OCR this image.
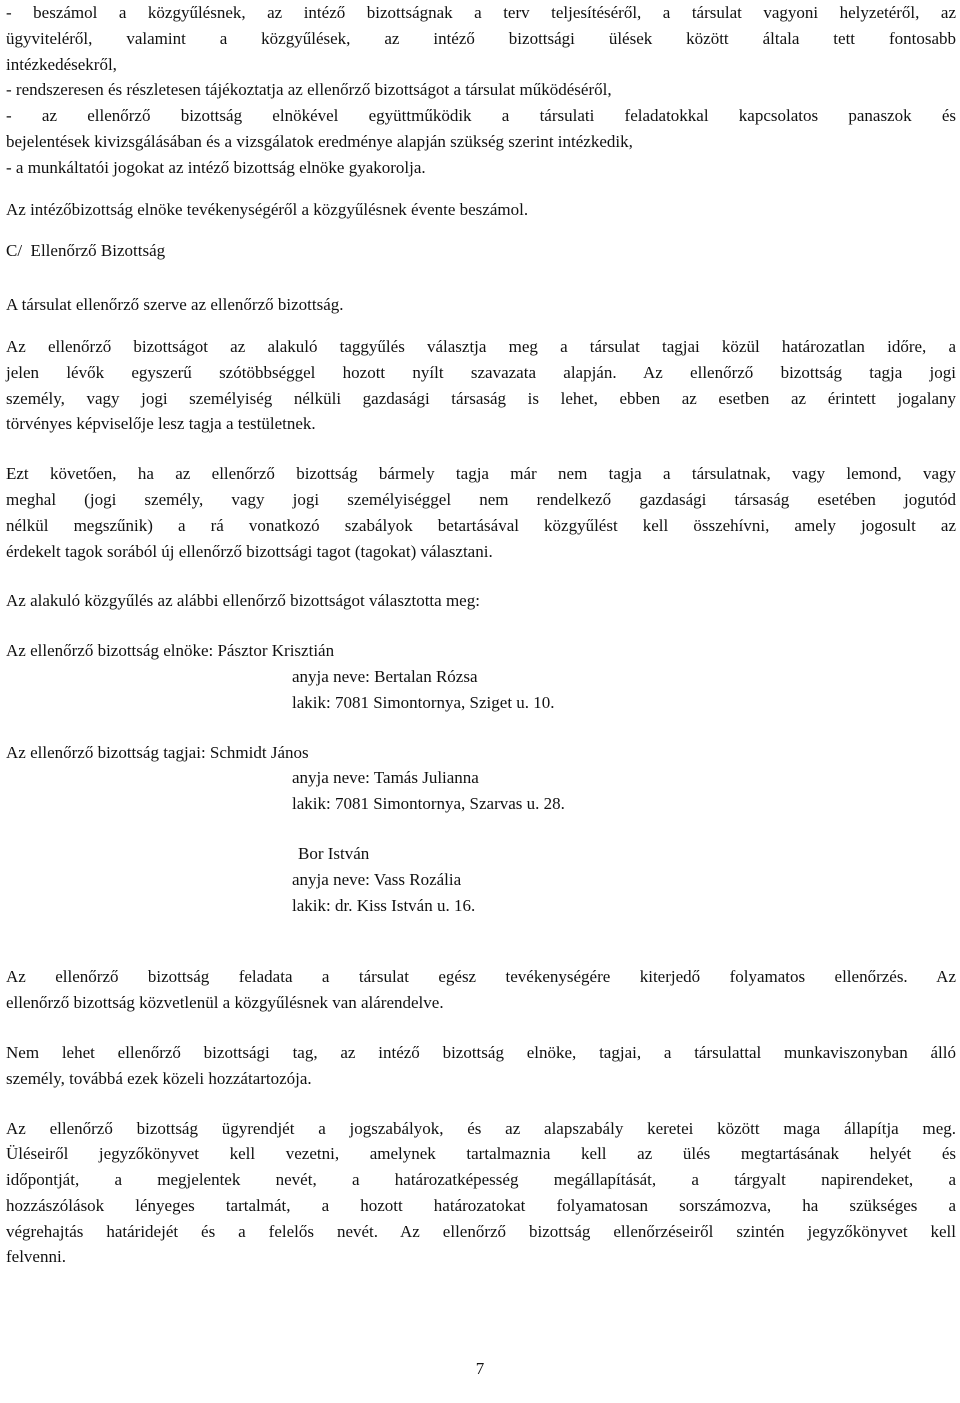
- beszámol a közgyűlésnek, az intéző bizottságnak a terv teljesítéséről, a társulat vagyoni helyzetéről, az
ügyviteléről, valamint a közgyűlések, az intéző bizottsági ülések között általa tett fontosabb
intézkedésekről,
- rendszeresen és részletesen tájékoztatja az ellenőrző bizottságot a társulat működéséről,
- az ellenőrző bizottság elnökével együttműködik a társulati feladatokkal kapcsolatos panaszok és
bejelentések kivizsgálásában és a vizsgálatok eredménye alapján szükség szerint intézkedik,
- a munkáltatói jogokat az intéző bizottság elnöke gyakorolja.
Az intézőbizottság elnöke tevékenységéről a közgyűlésnek évente beszámol.
C/  Ellenőrző Bizottság
A társulat ellenőrző szerve az ellenőrző bizottság.
Az ellenőrző bizottságot az alakuló taggyűlés választja meg a társulat tagjai közül határozatlan időre, a
jelen lévők egyszerű szótöbbséggel hozott nyílt szavazata alapján. Az ellenőrző bizottság tagja jogi
személy, vagy jogi személyiség nélküli gazdasági társaság is lehet, ebben az esetben az érintett jogalany
törvényes képviselője lesz tagja a testületnek.
Ezt követően, ha az ellenőrző bizottság bármely tagja már nem tagja a társulatnak, vagy lemond, vagy
meghal (jogi személy, vagy jogi személyiséggel nem rendelkező gazdasági társaság esetében jogutód
nélkül megszűnik) a rá vonatkozó szabályok betartásával közgyűlést kell összehívni, amely jogosult az
érdekelt tagok sorából új ellenőrző bizottsági tagot (tagokat) választani.
Az alakuló közgyűlés az alábbi ellenőrző bizottságot választotta meg:
Az ellenőrző bizottság elnöke: Pásztor Krisztián
anyja neve: Bertalan Rózsa
lakik: 7081 Simontornya, Sziget u. 10.
Az ellenőrző bizottság tagjai: Schmidt János
anyja neve: Tamás Julianna
lakik: 7081 Simontornya, Szarvas u. 28.
Bor István
anyja neve: Vass Rozália
lakik: dr. Kiss István u. 16.
Az ellenőrző bizottság feladata a társulat egész tevékenységére kiterjedő folyamatos ellenőrzés. Az
ellenőrző bizottság közvetlenül a közgyűlésnek van alárendelve.
Nem lehet ellenőrző bizottsági tag, az intéző bizottság elnöke, tagjai, a társulattal munkaviszonyban álló
személy, továbbá ezek közeli hozzátartozója.
Az ellenőrző bizottság ügyrendjét a jogszabályok, és az alapszabály keretei között maga állapítja meg.
Üléseiről jegyzőkönyvet kell vezetni, amelynek tartalmaznia kell az ülés megtartásának helyét és
időpontját, a megjelentek nevét, a határozatképesség megállapítását, a tárgyalt napirendeket, a
hozzászólások lényeges tartalmát, a hozott határozatokat folyamatosan sorszámozva, ha szükséges a
végrehajtás határidejét és a felelős nevét. Az ellenőrző bizottság ellenőrzéseiről szintén jegyzőkönyvet kell
felvenni.
7
